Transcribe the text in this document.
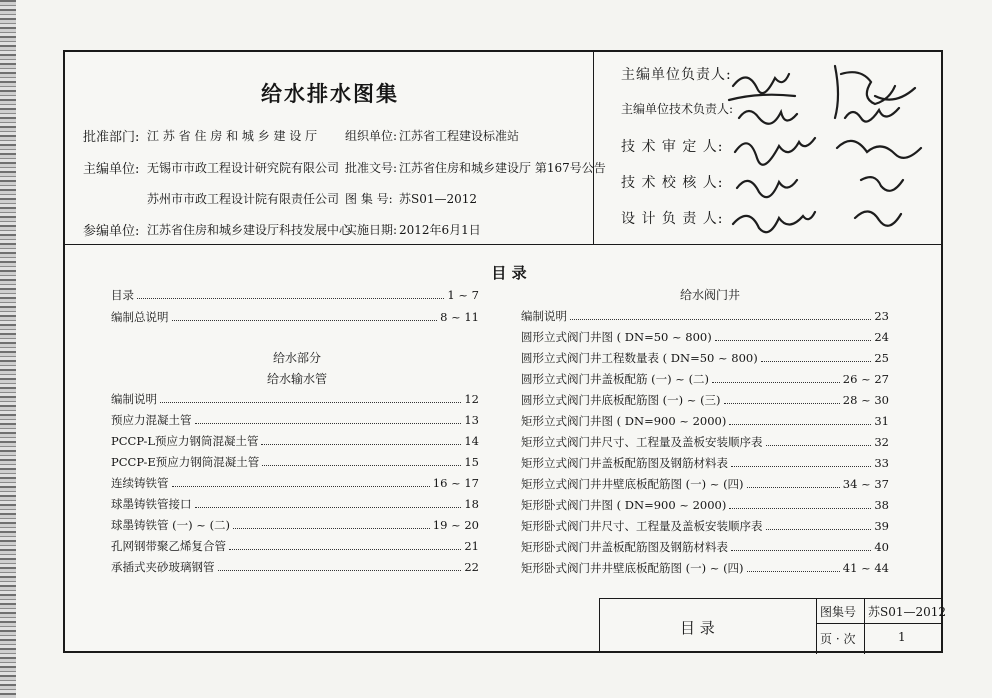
给水排水图集
批准部门: 江 苏 省 住 房 和 城 乡 建 设 厅 组织单位: 江苏省工程建设标准站
主编单位: 无锡市市政工程设计研究院有限公司 批准文号: 江苏省住房和城乡建设厅 第167号公告
苏州市市政工程设计院有限责任公司 图 集 号: 苏S01—2012
参编单位: 江苏省住房和城乡建设厅科技发展中心
实施日期: 2012年6月1日
主编单位负责人:
主编单位技术负责人:
技 术 审 定 人:
技 术 校 核 人:
设 计 负 责 人:
目 录
目录	1 ~ 7
编制总说明	8 ~ 11
给水部分
给水输水管
编制说明	12
预应力混凝土管	13
PCCP-L预应力钢筒混凝土管	14
PCCP-E预应力钢筒混凝土管	15
连续铸铁管	16 ~ 17
球墨铸铁管接口	18
球墨铸铁管 (一) ~ (二)	19 ~ 20
孔网钢带聚乙烯复合管	21
承插式夹砂玻璃钢管	22
给水阀门井
编制说明	23
圆形立式阀门井图 ( DN=50 ~ 800)	24
圆形立式阀门井工程数量表 ( DN=50 ~ 800)	25
圆形立式阀门井盖板配筋 (一) ~ (二)	26 ~ 27
圆形立式阀门井底板配筋图 (一) ~ (三)	28 ~ 30
矩形立式阀门井图 ( DN=900 ~ 2000)	31
矩形立式阀门井尺寸、工程量及盖板安装顺序表	32
矩形立式阀门井盖板配筋图及钢筋材料表	33
矩形立式阀门井井壁底板配筋图 (一) ~ (四)	34 ~ 37
矩形卧式阀门井图 ( DN=900 ~ 2000)	38
矩形卧式阀门井尺寸、工程量及盖板安装顺序表	39
矩形卧式阀门井盖板配筋图及钢筋材料表	40
矩形卧式阀门井井壁底板配筋图 (一) ~ (四)	41 ~ 44
目 录
图集号 苏S01—2012
页 · 次	1
